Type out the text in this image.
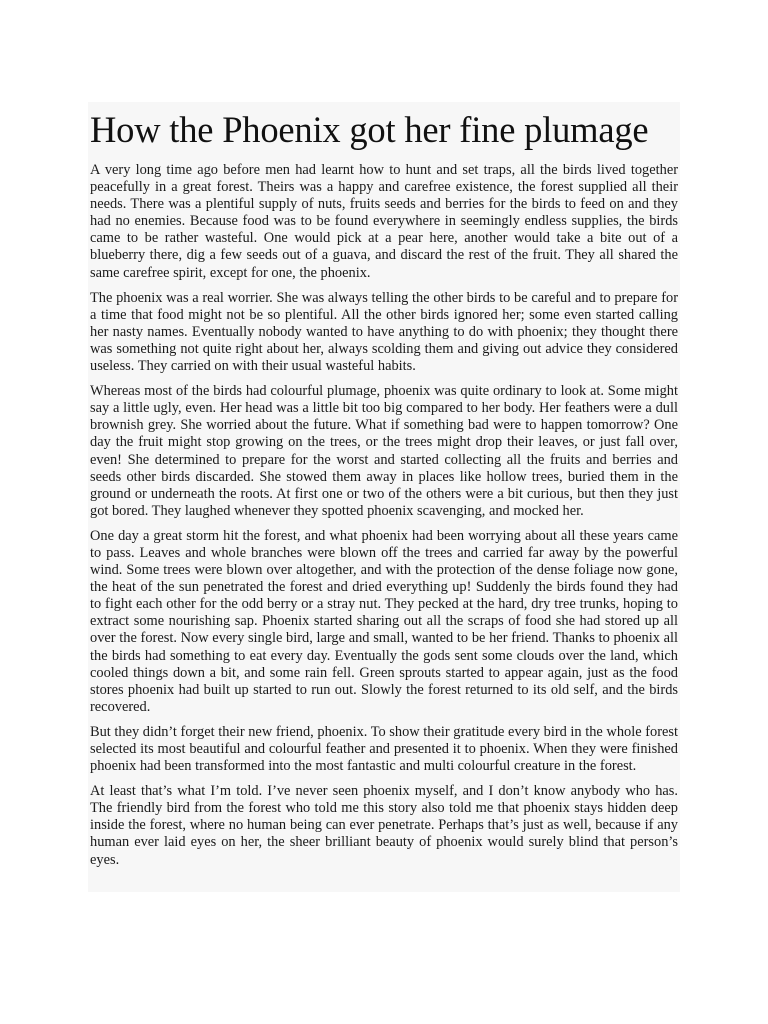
How the Phoenix got her fine plumage

A very long time ago before men had learnt how to hunt and set traps, all the birds lived together peacefully in a great forest. Theirs was a happy and carefree existence, the forest supplied all their needs. There was a plentiful supply of nuts, fruits seeds and berries for the birds to feed on and they had no enemies. Because food was to be found everywhere in seemingly endless supplies, the birds came to be rather wasteful. One would pick at a pear here, another would take a bite out of a blueberry there, dig a few seeds out of a guava, and discard the rest of the fruit. They all shared the same carefree spirit, except for one, the phoenix.

The phoenix was a real worrier. She was always telling the other birds to be careful and to prepare for a time that food might not be so plentiful. All the other birds ignored her; some even started calling her nasty names. Eventually nobody wanted to have anything to do with phoenix; they thought there was something not quite right about her, always scolding them and giving out advice they considered useless. They carried on with their usual wasteful habits.

Whereas most of the birds had colourful plumage, phoenix was quite ordinary to look at. Some might say a little ugly, even. Her head was a little bit too big compared to her body. Her feathers were a dull brownish grey. She worried about the future. What if something bad were to happen tomorrow? One day the fruit might stop growing on the trees, or the trees might drop their leaves, or just fall over, even! She determined to prepare for the worst and started collecting all the fruits and berries and seeds other birds discarded. She stowed them away in places like hollow trees, buried them in the ground or underneath the roots. At first one or two of the others were a bit curious, but then they just got bored. They laughed whenever they spotted phoenix scavenging, and mocked her.

One day a great storm hit the forest, and what phoenix had been worrying about all these years came to pass. Leaves and whole branches were blown off the trees and carried far away by the powerful wind. Some trees were blown over altogether, and with the protection of the dense foliage now gone, the heat of the sun penetrated the forest and dried everything up! Suddenly the birds found they had to fight each other for the odd berry or a stray nut. They pecked at the hard, dry tree trunks, hoping to extract some nourishing sap. Phoenix started sharing out all the scraps of food she had stored up all over the forest. Now every single bird, large and small, wanted to be her friend. Thanks to phoenix all the birds had something to eat every day. Eventually the gods sent some clouds over the land, which cooled things down a bit, and some rain fell. Green sprouts started to appear again, just as the food stores phoenix had built up started to run out. Slowly the forest returned to its old self, and the birds recovered.

But they didn’t forget their new friend, phoenix. To show their gratitude every bird in the whole forest selected its most beautiful and colourful feather and presented it to phoenix. When they were finished phoenix had been transformed into the most fantastic and multi colourful creature in the forest.

At least that’s what I’m told. I’ve never seen phoenix myself, and I don’t know anybody who has. The friendly bird from the forest who told me this story also told me that phoenix stays hidden deep inside the forest, where no human being can ever penetrate. Perhaps that’s just as well, because if any human ever laid eyes on her, the sheer brilliant beauty of phoenix would surely blind that person’s eyes.
